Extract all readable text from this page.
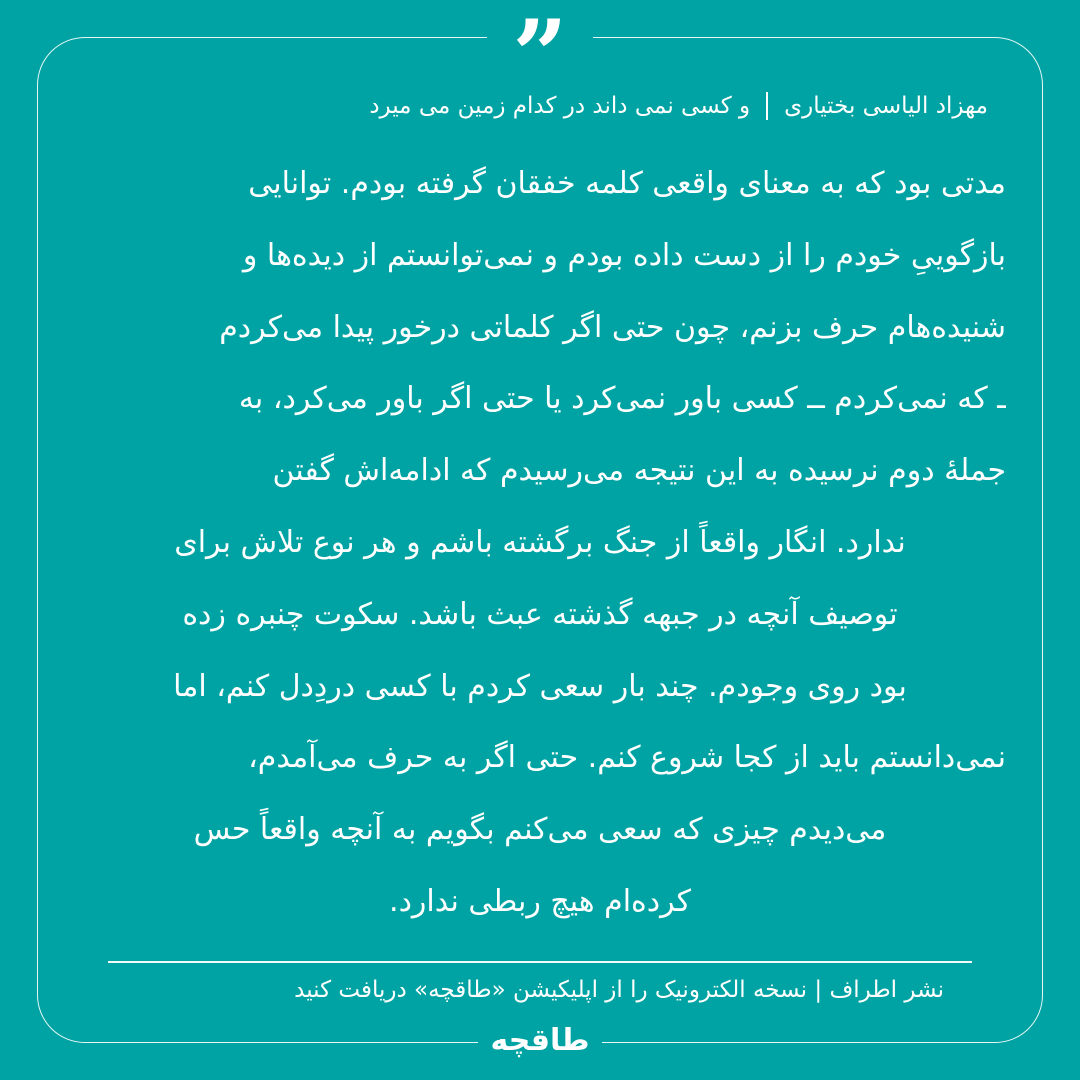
”	مهزاد الیاسی بختیاری
و کسی نمی داند در کدام زمین می میرد
مدتی بود که به معنای واقعی کلمه خفقان گرفته بودم. توانایی
بازگوییِ خودم را از دست داده بودم و نمی‌توانستم از دیده‌ها و
شنیده‌هام حرف بزنم، چون حتی اگر کلماتی درخور پیدا می‌کردم
ـ که نمی‌کردم ــ کسی باور نمی‌کرد یا حتی اگر باور می‌کرد، به
جملهٔ دوم نرسیده به این نتیجه می‌رسیدم که ادامه‌اش گفتن
ندارد. انگار واقعاً از جنگ برگشته باشم و هر نوع تلاش برای
توصیف آنچه در جبهه گذشته عبث باشد. سکوت چنبره زده
بود روی وجودم. چند بار سعی کردم با کسی دردِدل کنم، اما
نمی‌دانستم باید از کجا شروع کنم. حتی اگر به حرف می‌آمدم،
می‌دیدم چیزی که سعی می‌کنم بگویم به آنچه واقعاً حس
کرده‌ام هیچ ربطی ندارد.
نشر اطراف | نسخه الکترونیک را از اپلیکیشن «طاقچه» دریافت کنید
طاقچه
